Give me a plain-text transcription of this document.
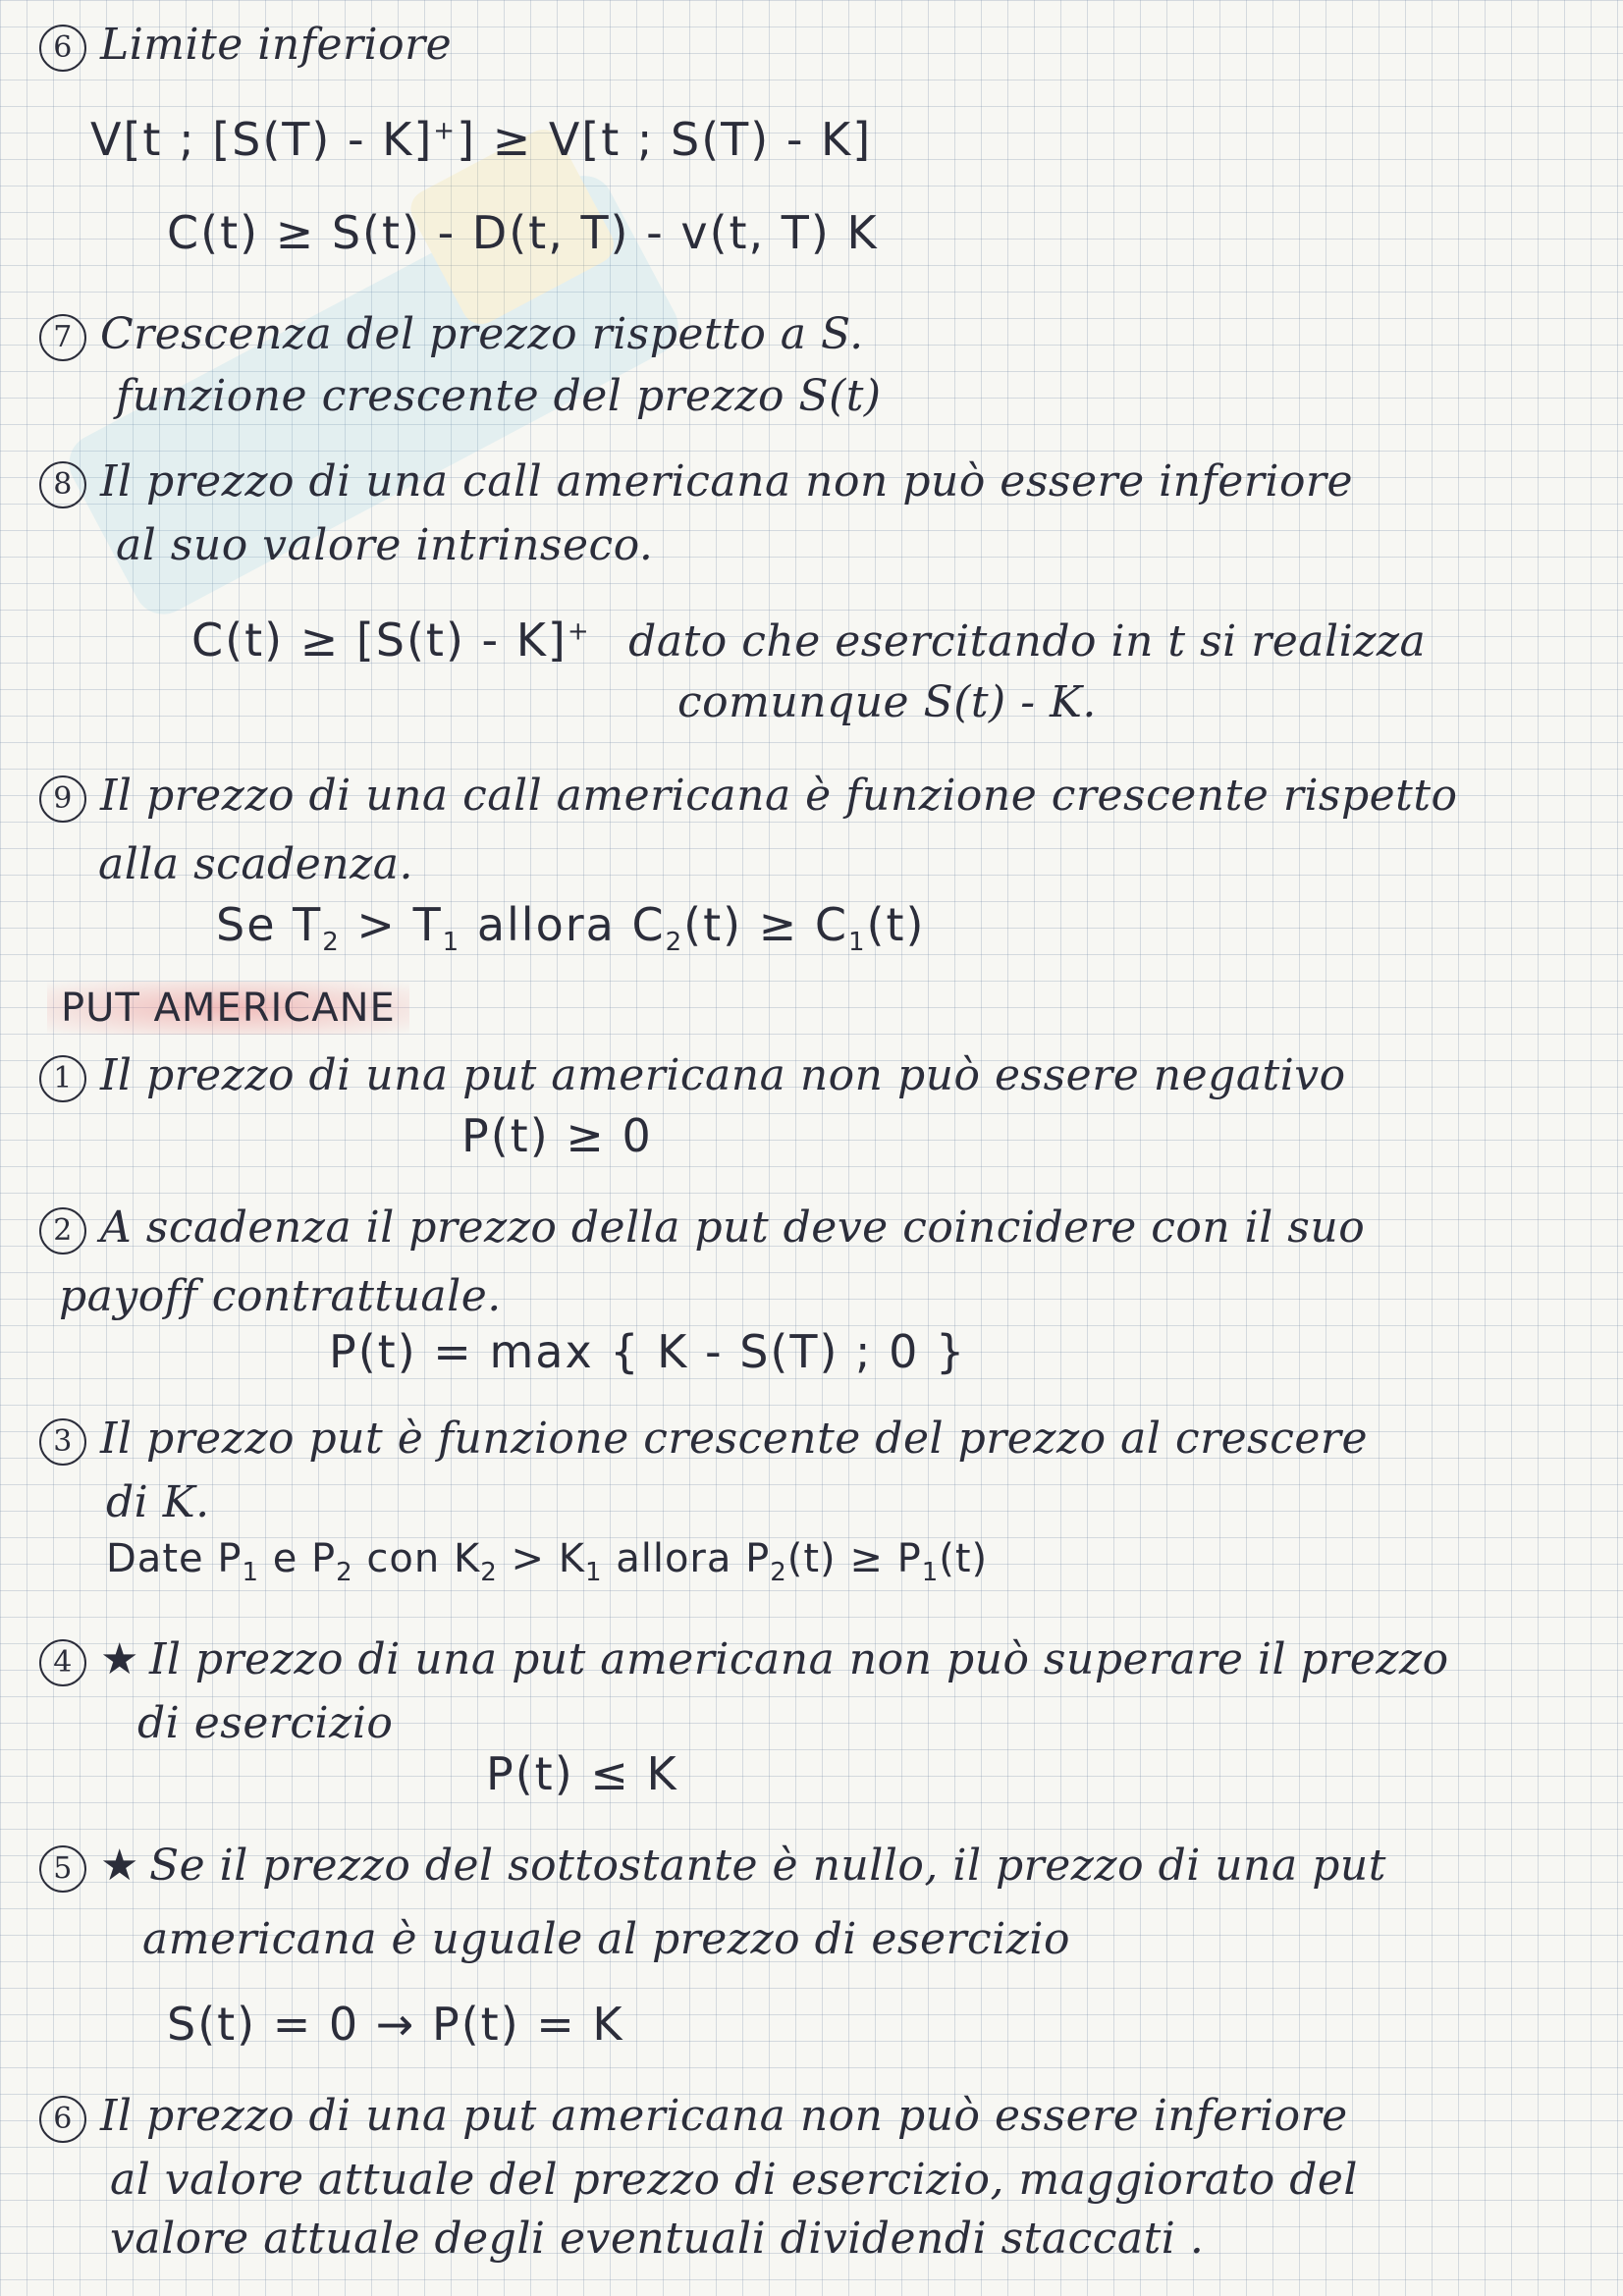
6 Limite inferiore
V[t ; [S(T) - K]+] ≥ V[t ; S(T) - K]
C(t) ≥ S(t) - D(t, T) - v(t, T) K
7 Crescenza del prezzo rispetto a S.
funzione crescente del prezzo S(t)
8 Il prezzo di una call americana non può essere inferiore
al suo valore intrinseco.
C(t) ≥ [S(t) - K]+ dato che esercitando in t si realizza
comunque S(t) - K.
9 Il prezzo di una call americana è funzione crescente rispetto
alla scadenza.
Se $T_2 > T_1$ allora $C_2(t) \ge C_1(t)$
PUT AMERICANE
1 Il prezzo di una put americana non può essere negativo
P(t) ≥ 0
2 A scadenza il prezzo della put deve coincidere con il suo
payoff contrattuale.
P(t) = max { K - S(T) ; 0 }
3 Il prezzo put è funzione crescente del prezzo al crescere
di K.
Date $P_1$ e $P_2$ con $K_2 > K_1$ allora $P_2(t) \ge P_1(t)$
4 ★ Il prezzo di una put americana non può superare il prezzo
di esercizio
P(t) ≤ K
5 ★ Se il prezzo del sottostante è nullo, il prezzo di una put
americana è uguale al prezzo di esercizio
S(t) = 0 → P(t) = K
6 Il prezzo di una put americana non può essere inferiore
al valore attuale del prezzo di esercizio, maggiorato del
valore attuale degli eventuali dividendi staccati .
